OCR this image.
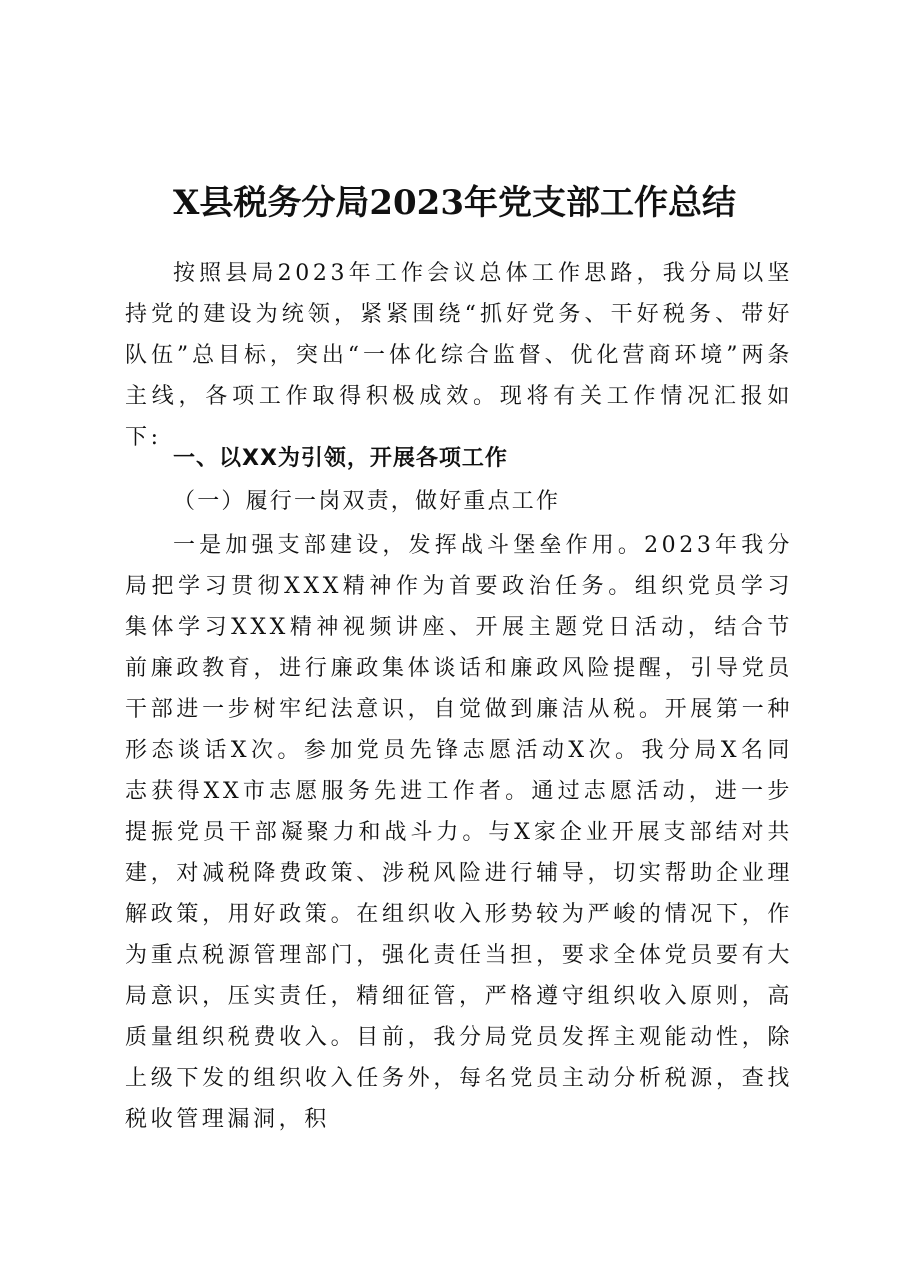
X县税务分局2023年党支部工作总结

按照县局2023年工作会议总体工作思路，我分局以坚持党的建设为统领，紧紧围绕“抓好党务、干好税务、带好队伍”总目标，突出“一体化综合监督、优化营商环境”两条主线，各项工作取得积极成效。现将有关工作情况汇报如下:

一、以XX为引领，开展各项工作

（一）履行一岗双责，做好重点工作

一是加强支部建设，发挥战斗堡垒作用。2023年我分局把学习贯彻XXX精神作为首要政治任务。组织党员学习集体学习XXX精神视频讲座、开展主题党日活动，结合节前廉政教育，进行廉政集体谈话和廉政风险提醒，引导党员干部进一步树牢纪法意识，自觉做到廉洁从税。开展第一种形态谈话X次。参加党员先锋志愿活动X次。我分局X名同志获得XX市志愿服务先进工作者。通过志愿活动，进一步提振党员干部凝聚力和战斗力。与X家企业开展支部结对共建，对减税降费政策、涉税风险进行辅导，切实帮助企业理解政策，用好政策。在组织收入形势较为严峻的情况下，作为重点税源管理部门，强化责任当担，要求全体党员要有大局意识，压实责任，精细征管，严格遵守组织收入原则，高质量组织税费收入。目前，我分局党员发挥主观能动性，除上级下发的组织收入任务外，每名党员主动分析税源，查找税收管理漏洞，积
